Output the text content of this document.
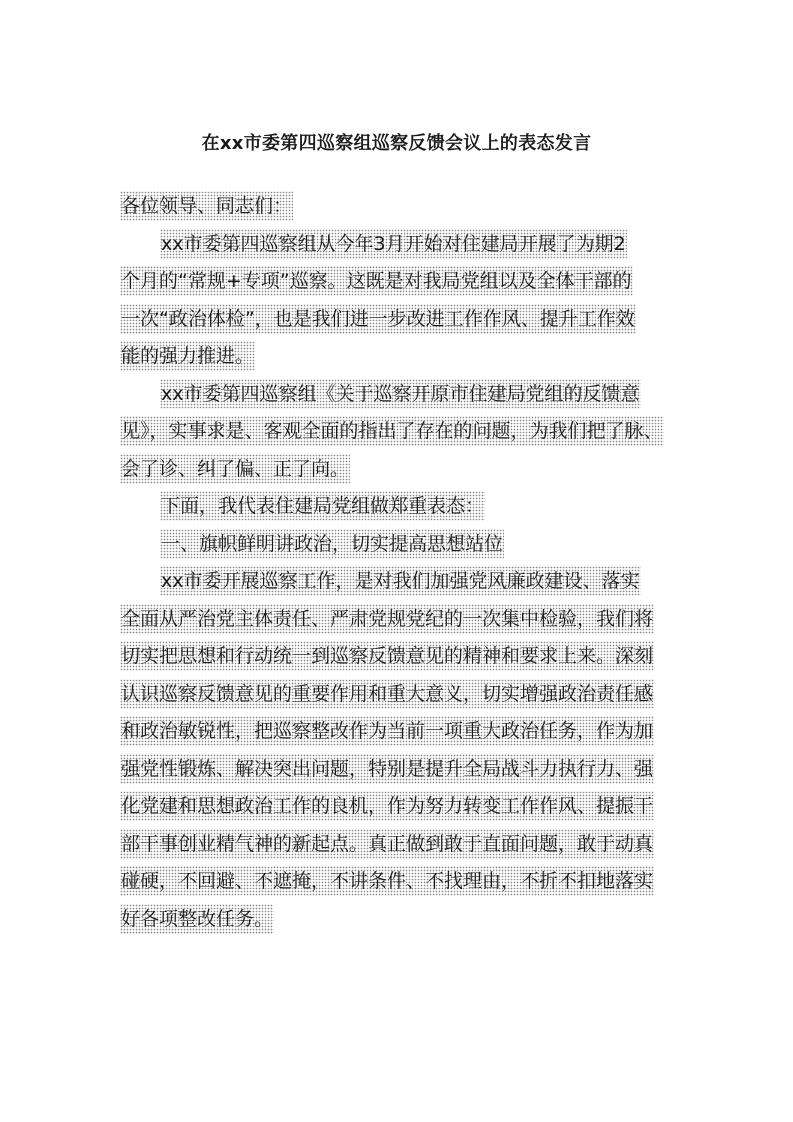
在xx市委第四巡察组巡察反馈会议上的表态发言
各位领导、同志们：
xx市委第四巡察组从今年3月开始对住建局开展了为期2
个月的“常规+专项”巡察。这既是对我局党组以及全体干部的
一次“政治体检”，也是我们进一步改进工作作风、提升工作效
能的强力推进。
xx市委第四巡察组《关于巡察开原市住建局党组的反馈意
见》，实事求是、客观全面的指出了存在的问题，为我们把了脉、
会了诊、纠了偏、正了向。
下面，我代表住建局党组做郑重表态：
一、旗帜鲜明讲政治，切实提高思想站位
xx市委开展巡察工作，是对我们加强党风廉政建设、落实
全面从严治党主体责任、严肃党规党纪的一次集中检验，我们将
切实把思想和行动统一到巡察反馈意见的精神和要求上来。深刻
认识巡察反馈意见的重要作用和重大意义，切实增强政治责任感
和政治敏锐性，把巡察整改作为当前一项重大政治任务，作为加
强党性锻炼、解决突出问题，特别是提升全局战斗力执行力、强
化党建和思想政治工作的良机，作为努力转变工作作风、提振干
部干事创业精气神的新起点。真正做到敢于直面问题，敢于动真
碰硬，不回避、不遮掩，不讲条件、不找理由，不折不扣地落实
好各项整改任务。
